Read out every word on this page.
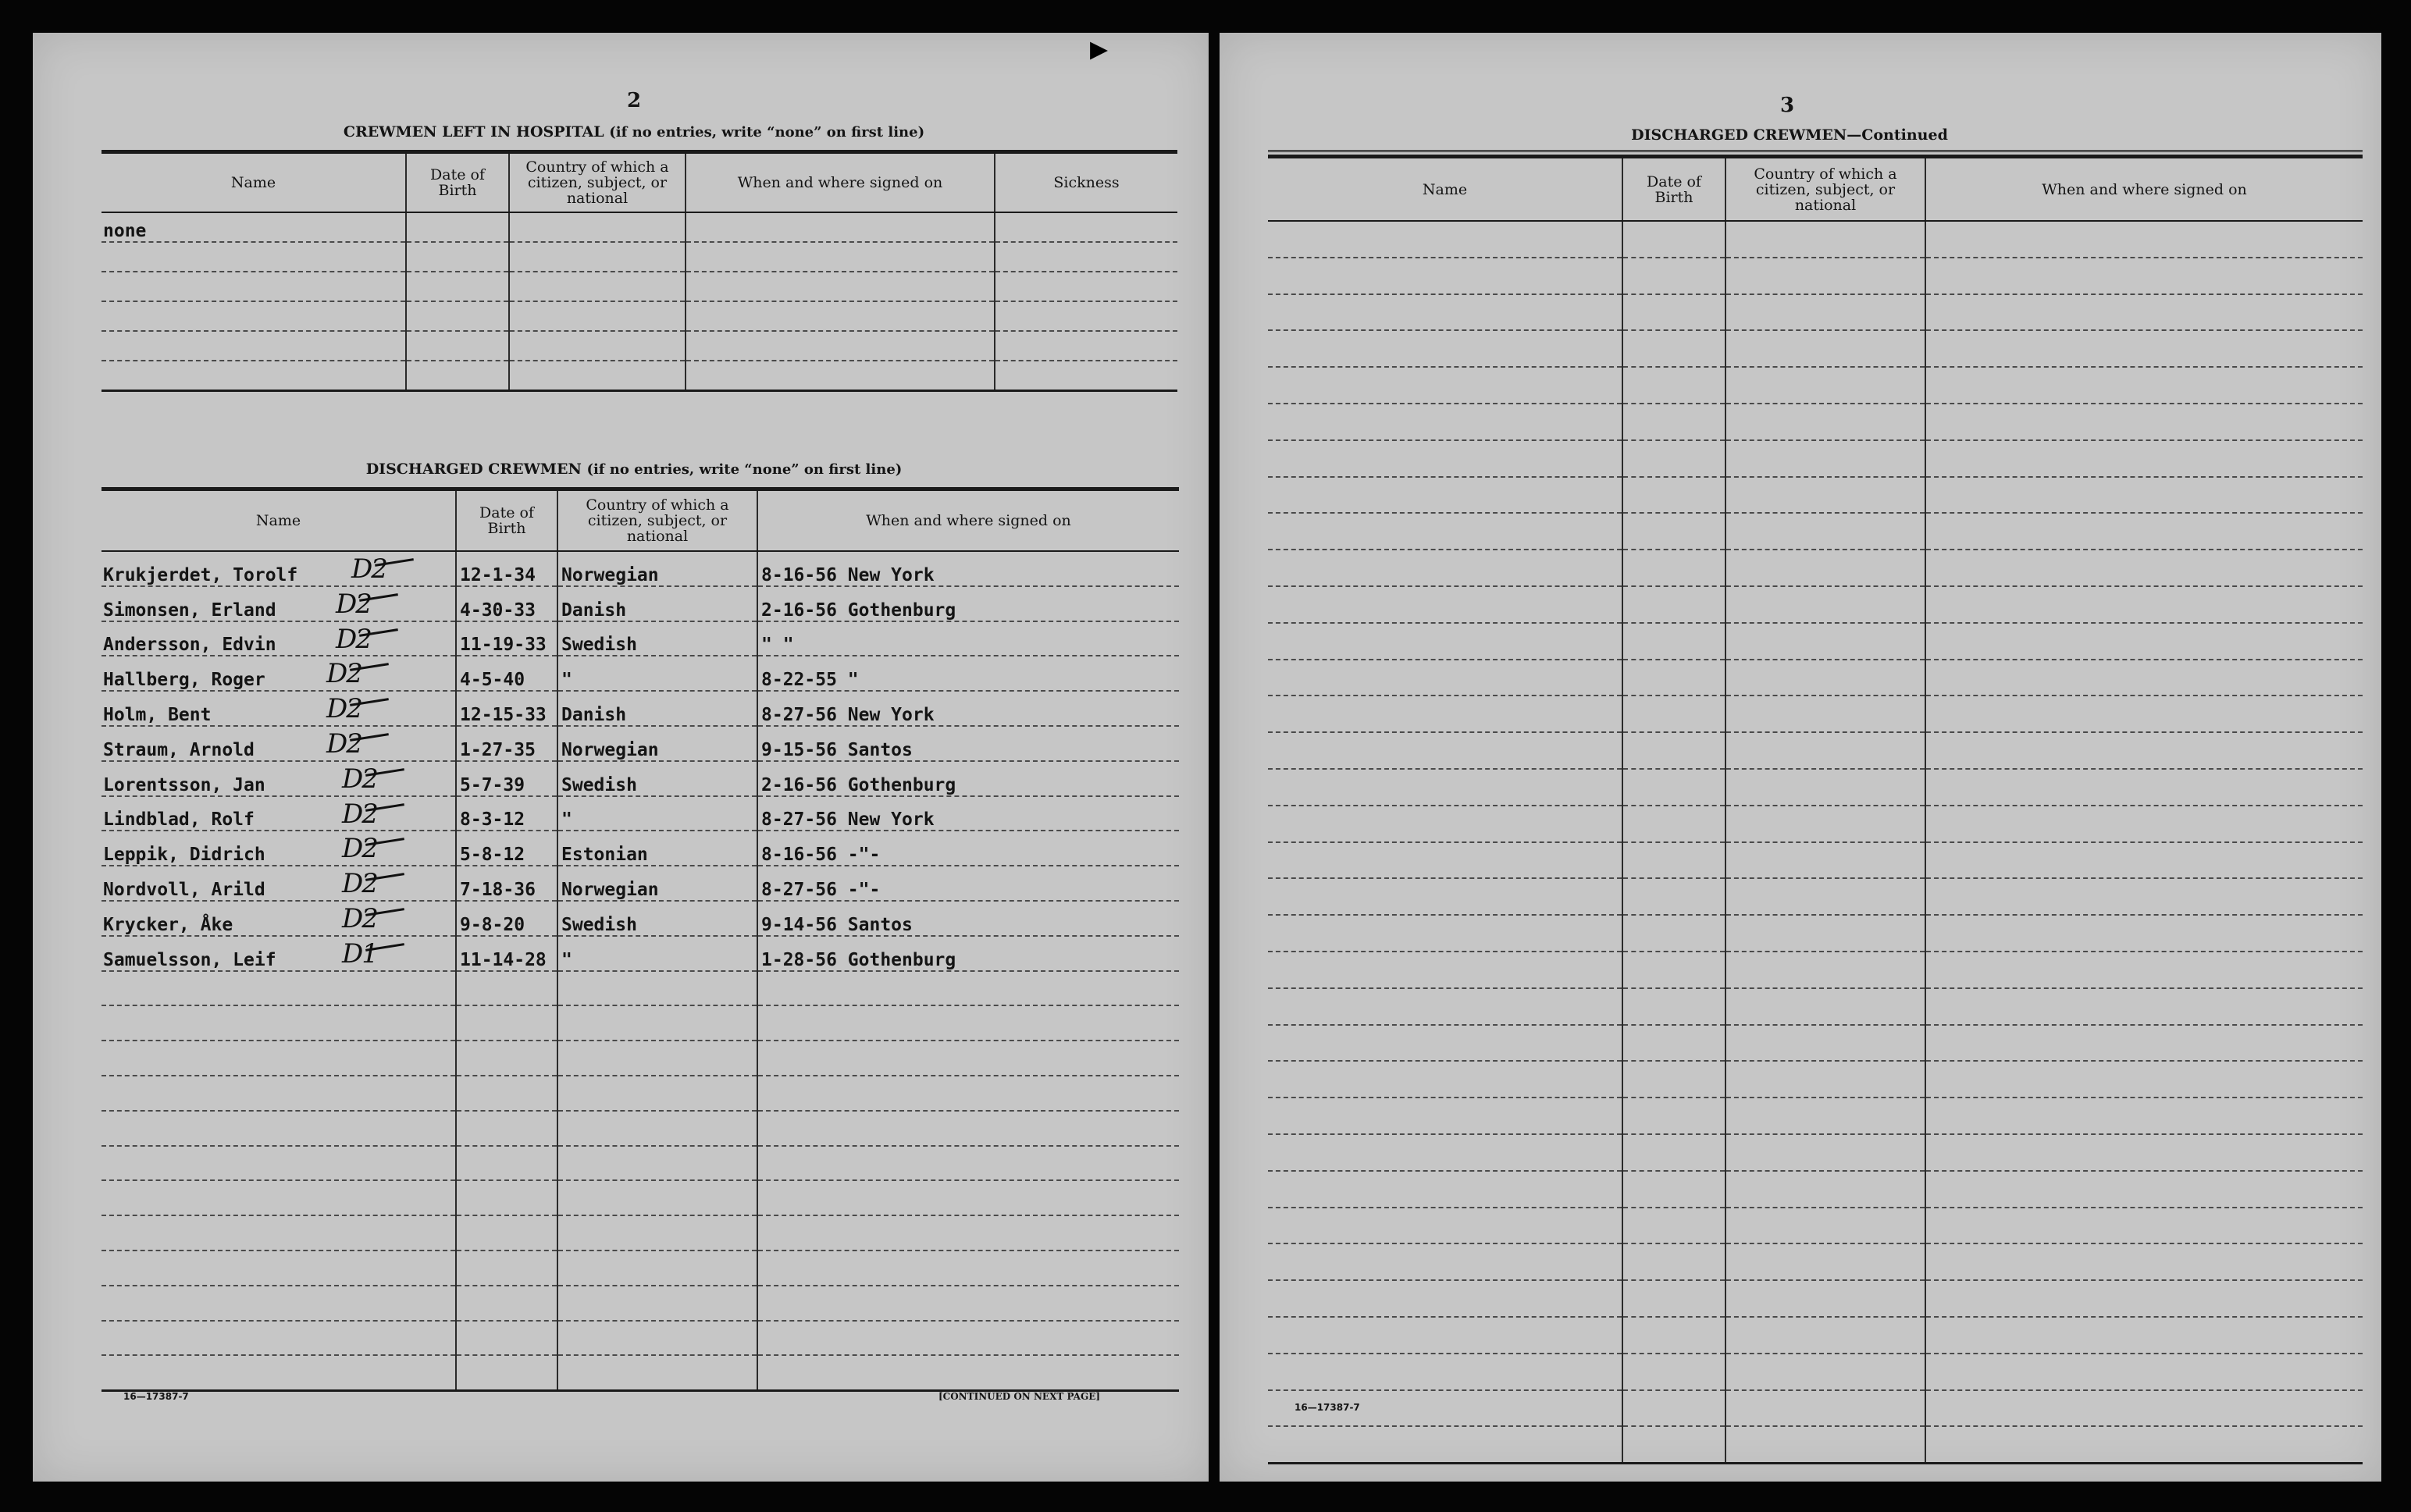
2
CREWMEN LEFT IN HOSPITAL (if no entries, write “none” on first line)
Name	Date of Birth	Country of which a citizen, subject, or national	When and where signed on	Sickness
none				

DISCHARGED CREWMEN (if no entries, write “none” on first line)
Name	Date of Birth	Country of which a citizen, subject, or national	When and where signed on
Krukjerdet, Torolf D2	12-1-34	Norwegian	8-16-56 New York
Simonsen, Erland D2	4-30-33	Danish	2-16-56 Gothenburg
Andersson, Edvin D2	11-19-33	Swedish	" "
Hallberg, Roger D2	4-5-40	"	8-22-55 "
Holm, Bent D2	12-15-33	Danish	8-27-56 New York
Straum, Arnold D2	1-27-35	Norwegian	9-15-56 Santos
Lorentsson, Jan D2	5-7-39	Swedish	2-16-56 Gothenburg
Lindblad, Rolf D2	8-3-12	"	8-27-56 New York
Leppik, Didrich D2	5-8-12	Estonian	8-16-56 -"-
Nordvoll, Arild D2	7-18-36	Norwegian	8-27-56 -"-
Krycker, Åke D2	9-8-20	Swedish	9-14-56 Santos
Samuelsson, Leif D1	11-14-28	"	1-28-56 Gothenburg

16—17387-7	[CONTINUED ON NEXT PAGE]
▸
3
DISCHARGED CREWMEN—Continued
Name	Date of Birth	Country of which a citizen, subject, or national	When and where signed on

16—17387-7
